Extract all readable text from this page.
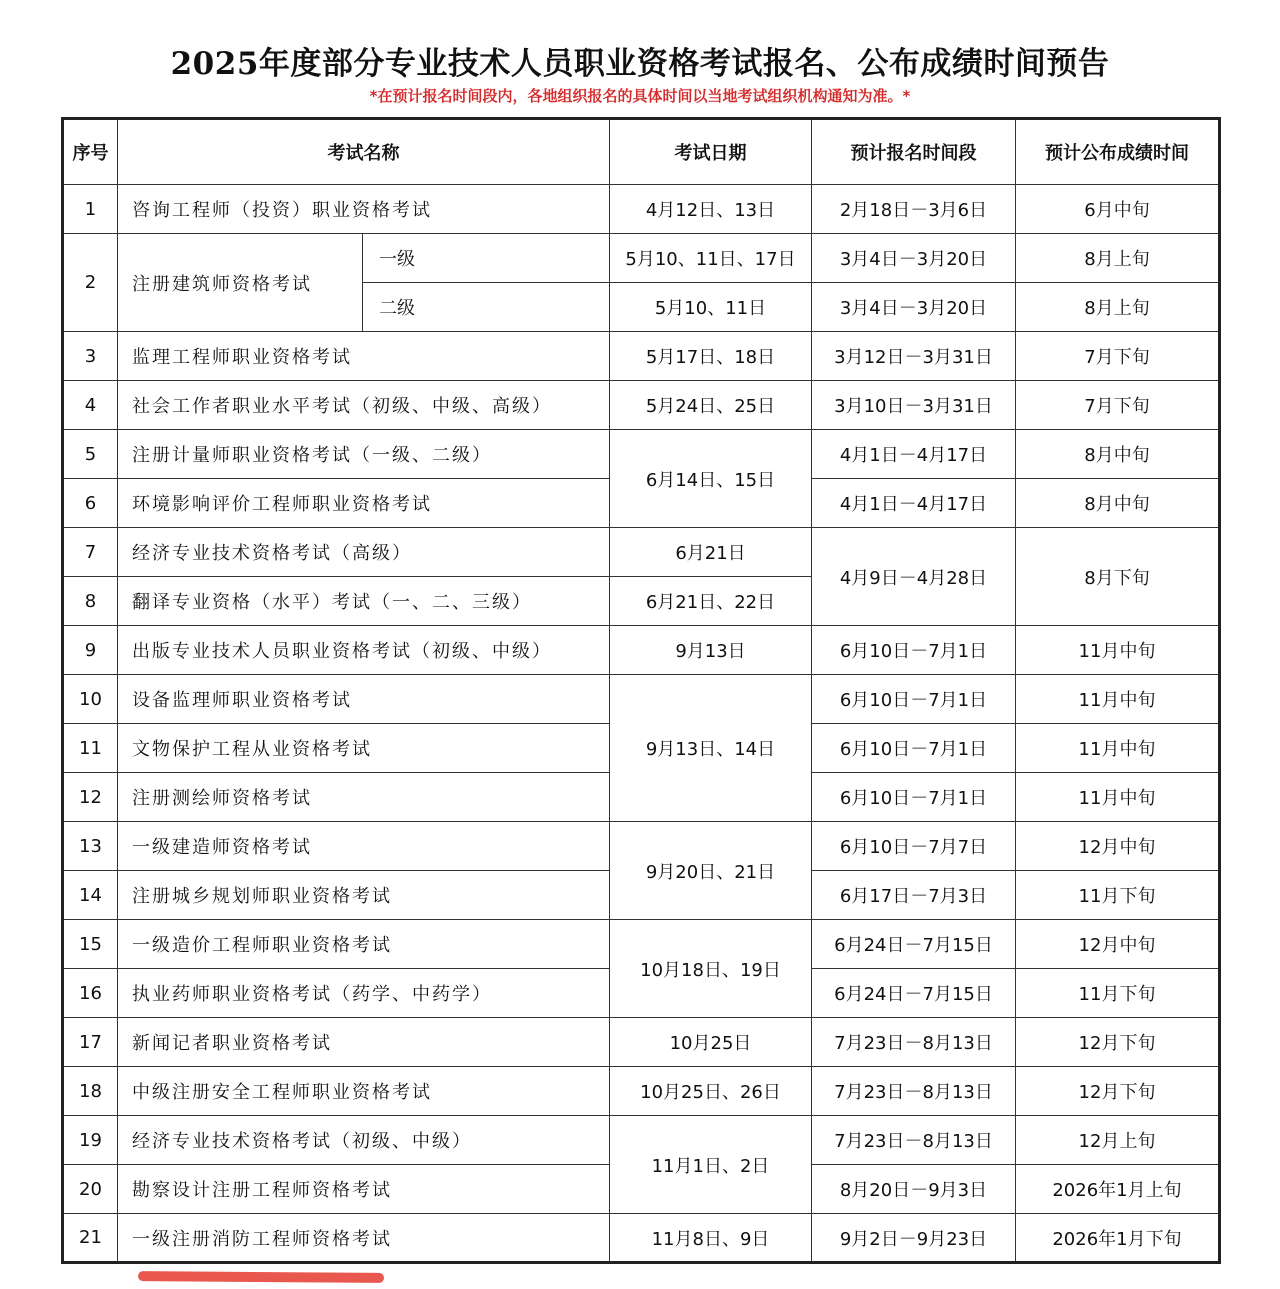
2025年度部分专业技术人员职业资格考试报名、公布成绩时间预告
*在预计报名时间段内，各地组织报名的具体时间以当地考试组织机构通知为准。*
序号	考试名称		考试日期	预计报名时间段	预计公布成绩时间
1	咨询工程师（投资）职业资格考试		4月12日、13日	2月18日－3月6日	6月中旬
2	注册建筑师资格考试	一级	5月10、11日、17日	3月4日－3月20日	8月上旬
		二级	5月10、11日	3月4日－3月20日	8月上旬
3	监理工程师职业资格考试		5月17日、18日	3月12日－3月31日	7月下旬
4	社会工作者职业水平考试（初级、中级、高级）		5月24日、25日	3月10日－3月31日	7月下旬
5	注册计量师职业资格考试（一级、二级）		6月14日、15日	4月1日－4月17日	8月中旬
6	环境影响评价工程师职业资格考试			4月1日－4月17日	8月中旬
7	经济专业技术资格考试（高级）		6月21日	4月9日－4月28日	8月下旬
8	翻译专业资格（水平）考试（一、二、三级）		6月21日、22日		
9	出版专业技术人员职业资格考试（初级、中级）		9月13日	6月10日－7月1日	11月中旬
10	设备监理师职业资格考试		9月13日、14日	6月10日－7月1日	11月中旬
11	文物保护工程从业资格考试			6月10日－7月1日	11月中旬
12	注册测绘师资格考试			6月10日－7月1日	11月中旬
13	一级建造师资格考试		9月20日、21日	6月10日－7月7日	12月中旬
14	注册城乡规划师职业资格考试			6月17日－7月3日	11月下旬
15	一级造价工程师职业资格考试		10月18日、19日	6月24日－7月15日	12月中旬
16	执业药师职业资格考试（药学、中药学）			6月24日－7月15日	11月下旬
17	新闻记者职业资格考试		10月25日	7月23日－8月13日	12月下旬
18	中级注册安全工程师职业资格考试		10月25日、26日	7月23日－8月13日	12月下旬
19	经济专业技术资格考试（初级、中级）		11月1日、2日	7月23日－8月13日	12月上旬
20	勘察设计注册工程师资格考试			8月20日－9月3日	2026年1月上旬
21	一级注册消防工程师资格考试		11月8日、9日	9月2日－9月23日	2026年1月下旬
